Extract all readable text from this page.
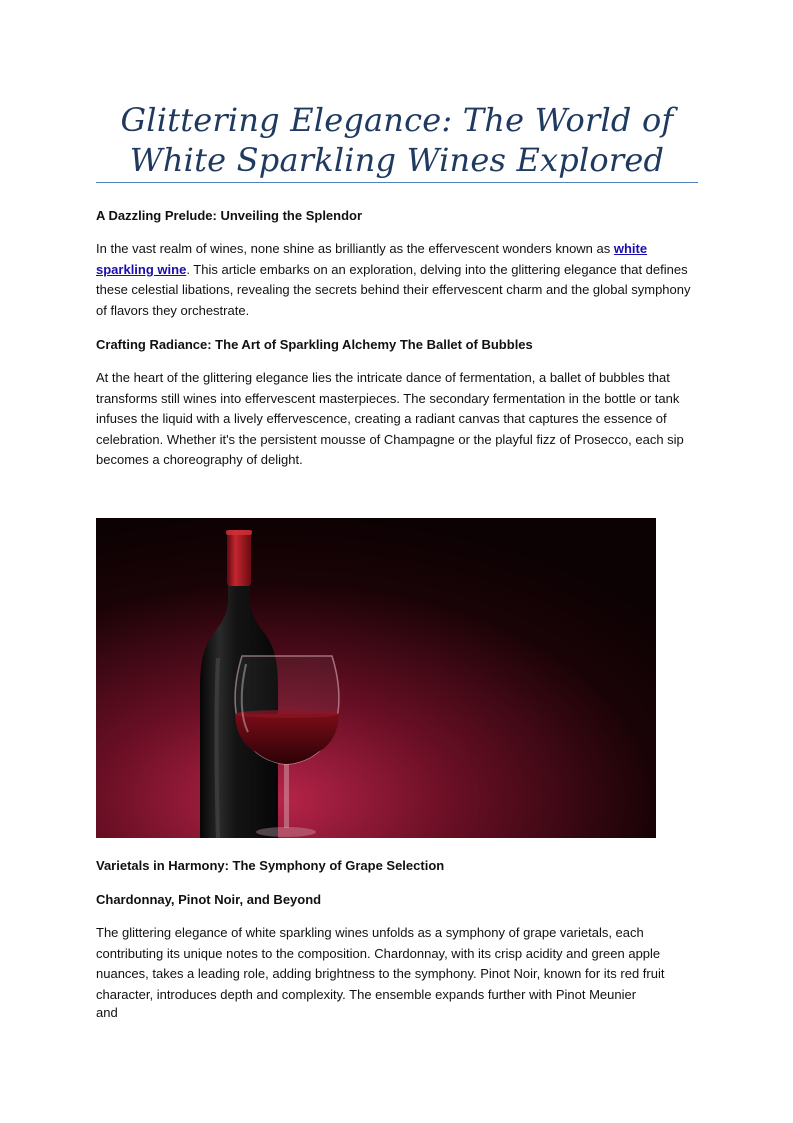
Glittering Elegance: The World of White Sparkling Wines Explored
A Dazzling Prelude: Unveiling the Splendor

In the vast realm of wines, none shine as brilliantly as the effervescent wonders known as white sparkling wine. This article embarks on an exploration, delving into the glittering elegance that defines these celestial libations, revealing the secrets behind their effervescent charm and the global symphony of flavors they orchestrate.

Crafting Radiance: The Art of Sparkling Alchemy The Ballet of Bubbles

At the heart of the glittering elegance lies the intricate dance of fermentation, a ballet of bubbles that transforms still wines into effervescent masterpieces. The secondary fermentation in the bottle or tank infuses the liquid with a lively effervescence, creating a radiant canvas that captures the essence of celebration. Whether it's the persistent mousse of Champagne or the playful fizz of Prosecco, each sip becomes a choreography of delight.

Varietals in Harmony: The Symphony of Grape Selection
Chardonnay, Pinot Noir, and Beyond

The glittering elegance of white sparkling wines unfolds as a symphony of grape varietals, each contributing its unique notes to the composition. Chardonnay, with its crisp acidity and green apple nuances, takes a leading role, adding brightness to the symphony. Pinot Noir, known for its red fruit character, introduces depth and complexity. The ensemble expands further with Pinot Meunier

and
